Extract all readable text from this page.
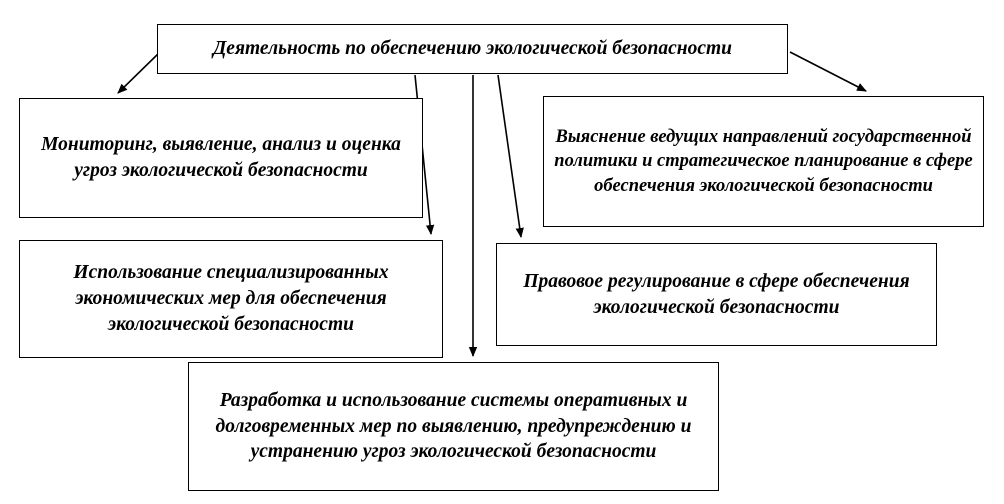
Деятельность по обеспечению экологической безопасности
Мониторинг, выявление, анализ и оценка угроз экологической безопасности
Выяснение ведущих направлений государственной политики и стратегическое планирование в сфере обеспечения экологической безопасности
Использование специализированных экономических мер для обеспечения экологической безопасности
Правовое регулирование в сфере обеспечения экологической безопасности
Разработка и использование системы оперативных и долговременных мер по выявлению, предупреждению и устранению угроз экологической безопасности
